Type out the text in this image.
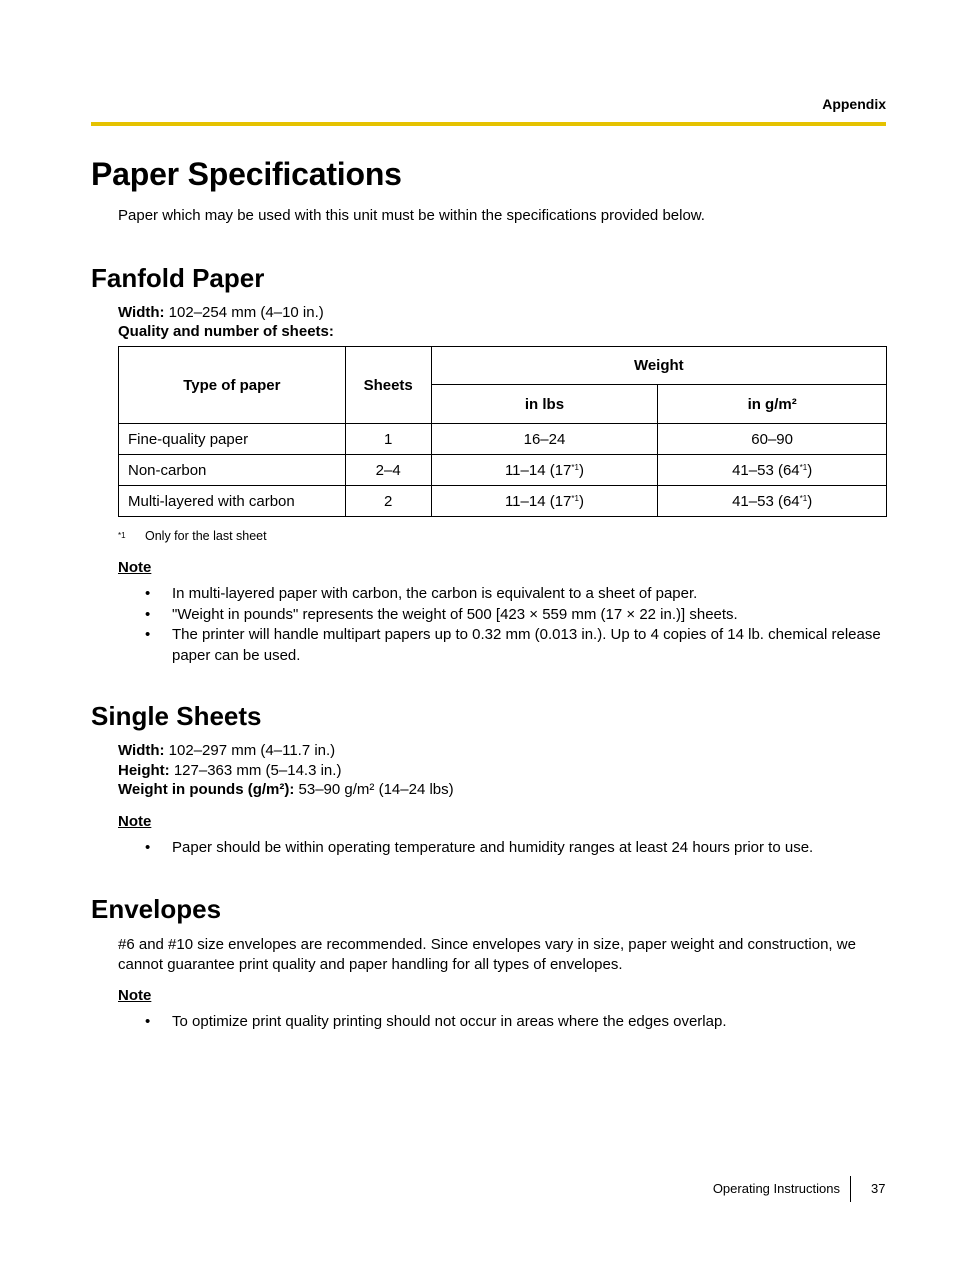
Appendix
Paper Specifications

Paper which may be used with this unit must be within the specifications provided below.

Fanfold Paper

Width: 102–254 mm (4–10 in.)

Quality and number of sheets:

Type of paper	Sheets	Weight	
		in lbs	in g/m²
Fine-quality paper	1	16–24	60–90
Non-carbon	2–4	11–14 (17$^{*1}$)	41–53 (64$^{*1}$)
Multi-layered with carbon	2	11–14 (17$^{*1}$)	41–53 (64$^{*1}$)
*1 Only for the last sheet
Note
• In multi-layered paper with carbon, the carbon is equivalent to a sheet of paper.
• "Weight in pounds" represents the weight of 500 [423 × 559 mm (17 × 22 in.)] sheets.
• The printer will handle multipart papers up to 0.32 mm (0.013 in.). Up to 4 copies of 14 lb. chemical release paper can be used.
Single Sheets

Width: 102–297 mm (4–11.7 in.)

Height: 127–363 mm (5–14.3 in.)

Weight in pounds (g/m²): 53–90 g/m² (14–24 lbs)

Note
• Paper should be within operating temperature and humidity ranges at least 24 hours prior to use.
Envelopes

#6 and #10 size envelopes are recommended. Since envelopes vary in size, paper weight and construction, we cannot guarantee print quality and paper handling for all types of envelopes.

Note
• To optimize print quality printing should not occur in areas where the edges overlap.
Operating Instructions 37
